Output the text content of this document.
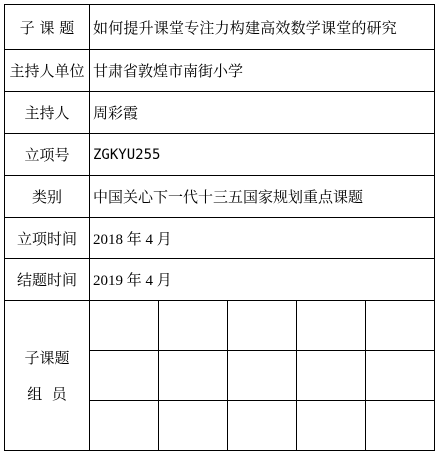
子 课 题	如何提升课堂专注力构建高效数学课堂的研究				
主持人单位	甘肃省敦煌市南街小学				
主持人	周彩霞				
立项号	ZGKYU255				
类别	中国关心下一代十三五国家规划重点课题				
立项时间	2018 年 4 月				
结题时间	2019 年 4 月				

子课题
组  员					
